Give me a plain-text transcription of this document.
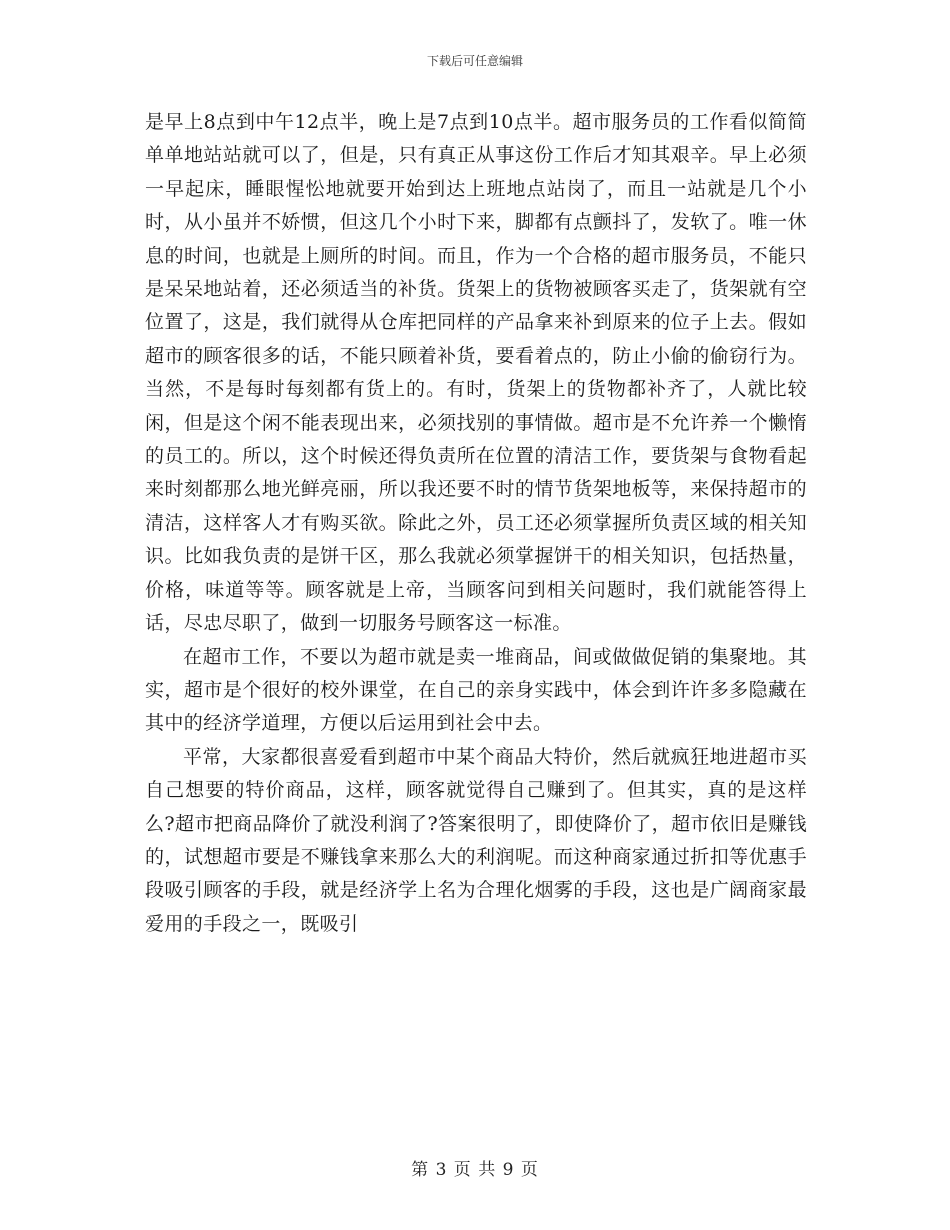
下载后可任意编辑

是早上8点到中午12点半，晚上是7点到10点半。超市服务员的工作看似简简单单地站站就可以了，但是，只有真正从事这份工作后才知其艰辛。早上必须一早起床，睡眼惺忪地就要开始到达上班地点站岗了，而且一站就是几个小时，从小虽并不娇惯，但这几个小时下来，脚都有点颤抖了，发软了。唯一休息的时间，也就是上厕所的时间。而且，作为一个合格的超市服务员，不能只是呆呆地站着，还必须适当的补货。货架上的货物被顾客买走了，货架就有空位置了，这是，我们就得从仓库把同样的产品拿来补到原来的位子上去。假如超市的顾客很多的话，不能只顾着补货，要看着点的，防止小偷的偷窃行为。当然，不是每时每刻都有货上的。有时，货架上的货物都补齐了，人就比较闲，但是这个闲不能表现出来，必须找别的事情做。超市是不允许养一个懒惰的员工的。所以，这个时候还得负责所在位置的清洁工作，要货架与食物看起来时刻都那么地光鲜亮丽，所以我还要不时的情节货架地板等，来保持超市的清洁，这样客人才有购买欲。除此之外，员工还必须掌握所负责区域的相关知识。比如我负责的是饼干区，那么我就必须掌握饼干的相关知识，包括热量，价格，味道等等。顾客就是上帝，当顾客问到相关问题时，我们就能答得上话，尽忠尽职了，做到一切服务号顾客这一标准。

在超市工作，不要以为超市就是卖一堆商品，间或做做促销的集聚地。其实，超市是个很好的校外课堂，在自己的亲身实践中，体会到许许多多隐藏在其中的经济学道理，方便以后运用到社会中去。

平常，大家都很喜爱看到超市中某个商品大特价，然后就疯狂地进超市买自己想要的特价商品，这样，顾客就觉得自己赚到了。但其实，真的是这样么?超市把商品降价了就没利润了?答案很明了，即使降价了，超市依旧是赚钱的，试想超市要是不赚钱拿来那么大的利润呢。而这种商家通过折扣等优惠手段吸引顾客的手段，就是经济学上名为合理化烟雾的手段，这也是广阔商家最爱用的手段之一，既吸引

第 3 页 共 9 页
